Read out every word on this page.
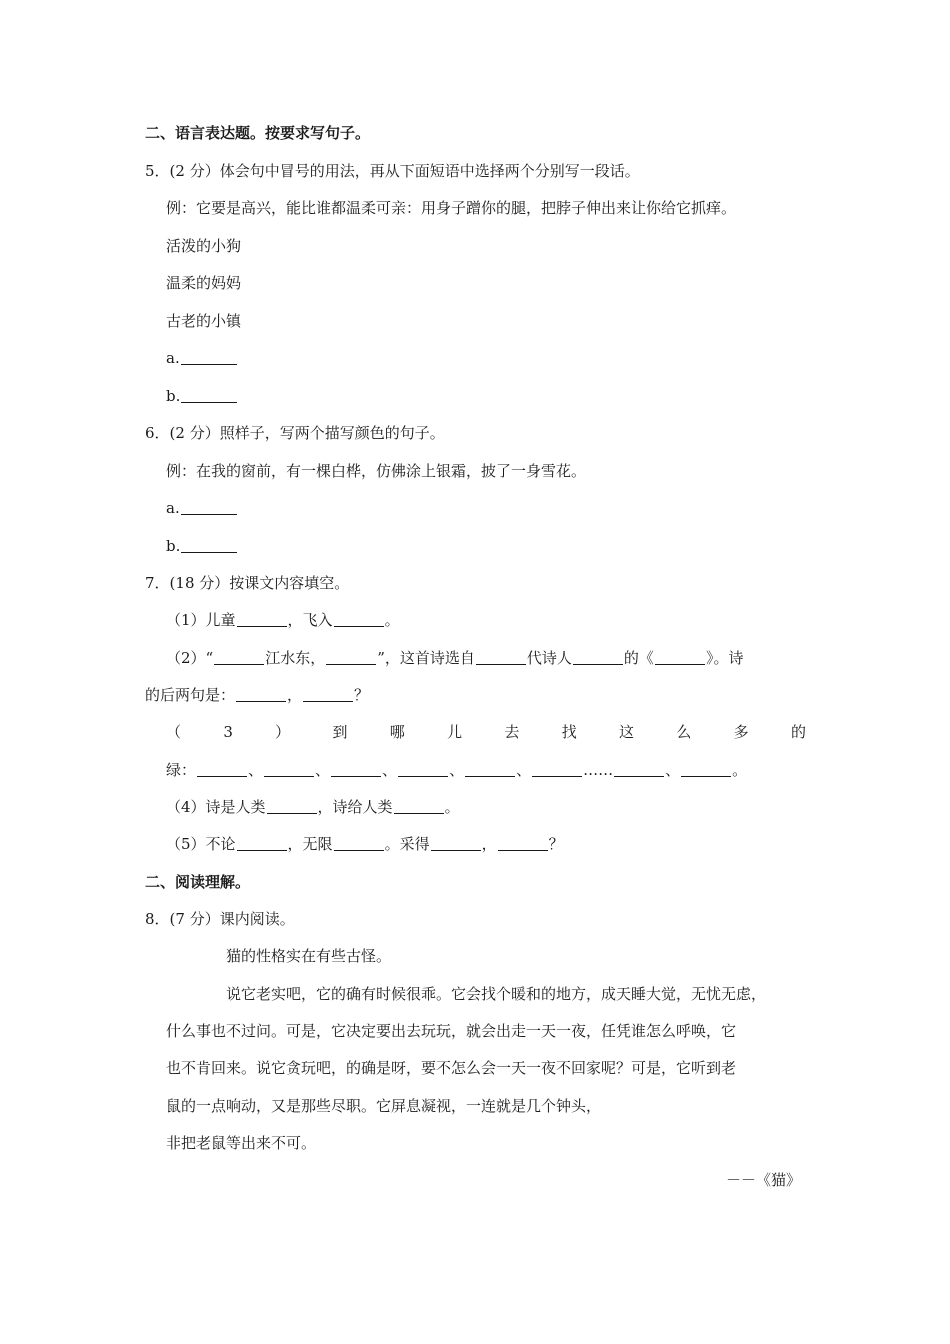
二、语言表达题。按要求写句子。
5．(2 分）体会句中冒号的用法，再从下面短语中选择两个分别写一段话。
例：它要是高兴，能比谁都温柔可亲：用身子蹭你的腿，把脖子伸出来让你给它抓痒。
活泼的小狗
温柔的妈妈
古老的小镇
a.
b.
6．(2 分）照样子，写两个描写颜色的句子。
例：在我的窗前，有一棵白桦，仿佛涂上银霜，披了一身雪花。
a.
b.
7．(18 分）按课文内容填空。
（1）儿童	，飞入	。
（2）“	江水东，	”，这首诗选自	代诗人	的《	》。诗
的后两句是：	，	？
（	3	）	到	哪	儿	去	找	这	么	多	的
绿：	、	、	、	、	、	……	、	。
（4）诗是人类	，诗给人类	。
（5）不论	，无限	。采得	，	？
二、阅读理解。
8．(7 分）课内阅读。
猫的性格实在有些古怪。
说它老实吧，它的确有时候很乖。它会找个暖和的地方，成天睡大觉，无忧无虑，
什么事也不过问。可是，它决定要出去玩玩，就会出走一天一夜，任凭谁怎么呼唤，它
也不肯回来。说它贪玩吧，的确是呀，要不怎么会一天一夜不回家呢？可是，它听到老
鼠的一点响动，又是那些尽职。它屏息凝视，一连就是几个钟头，
非把老鼠等出来不可。
－－《猫》
